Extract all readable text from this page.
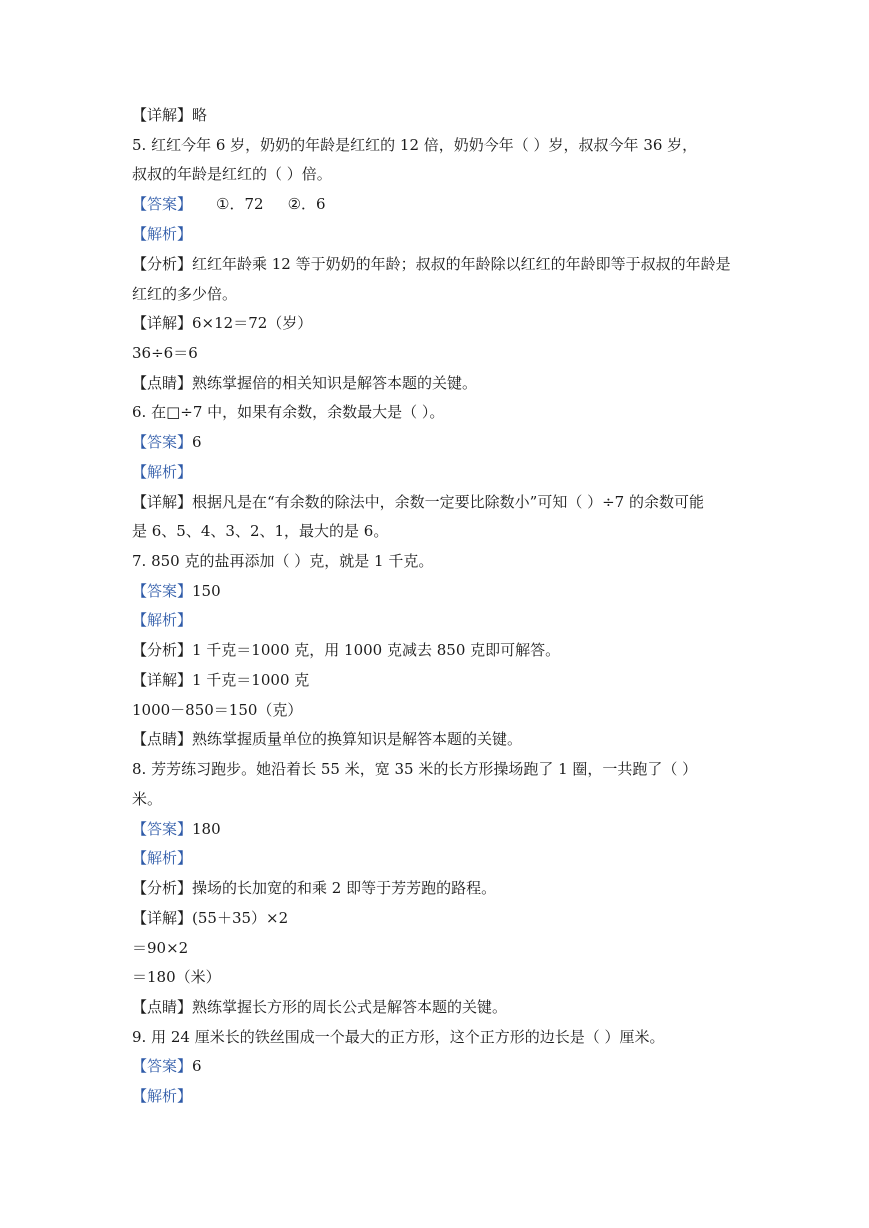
【详解】略
5. 红红今年 6 岁，奶奶的年龄是红红的 12 倍，奶奶今年（ ）岁，叔叔今年 36 岁，
叔叔的年龄是红红的（ ）倍。
【答案】 ①．72 ②．6
【解析】
【分析】红红年龄乘 12 等于奶奶的年龄；叔叔的年龄除以红红的年龄即等于叔叔的年龄是
红红的多少倍。
【详解】6×12＝72（岁）
36÷6＝6
【点睛】熟练掌握倍的相关知识是解答本题的关键。
6. 在□÷7 中，如果有余数，余数最大是（ ）。
【答案】6
【解析】
【详解】根据凡是在“有余数的除法中，余数一定要比除数小”可知（ ）÷7 的余数可能
是 6、5、4、3、2、1，最大的是 6。
7. 850 克的盐再添加（ ）克，就是 1 千克。
【答案】150
【解析】
【分析】1 千克＝1000 克，用 1000 克减去 850 克即可解答。
【详解】1 千克＝1000 克
1000－850＝150（克）
【点睛】熟练掌握质量单位的换算知识是解答本题的关键。
8. 芳芳练习跑步。她沿着长 55 米，宽 35 米的长方形操场跑了 1 圈，一共跑了（ ）
米。
【答案】180
【解析】
【分析】操场的长加宽的和乘 2 即等于芳芳跑的路程。
【详解】(55＋35）×2
＝90×2
＝180（米）
【点睛】熟练掌握长方形的周长公式是解答本题的关键。
9. 用 24 厘米长的铁丝围成一个最大的正方形，这个正方形的边长是（ ）厘米。
【答案】6
【解析】
